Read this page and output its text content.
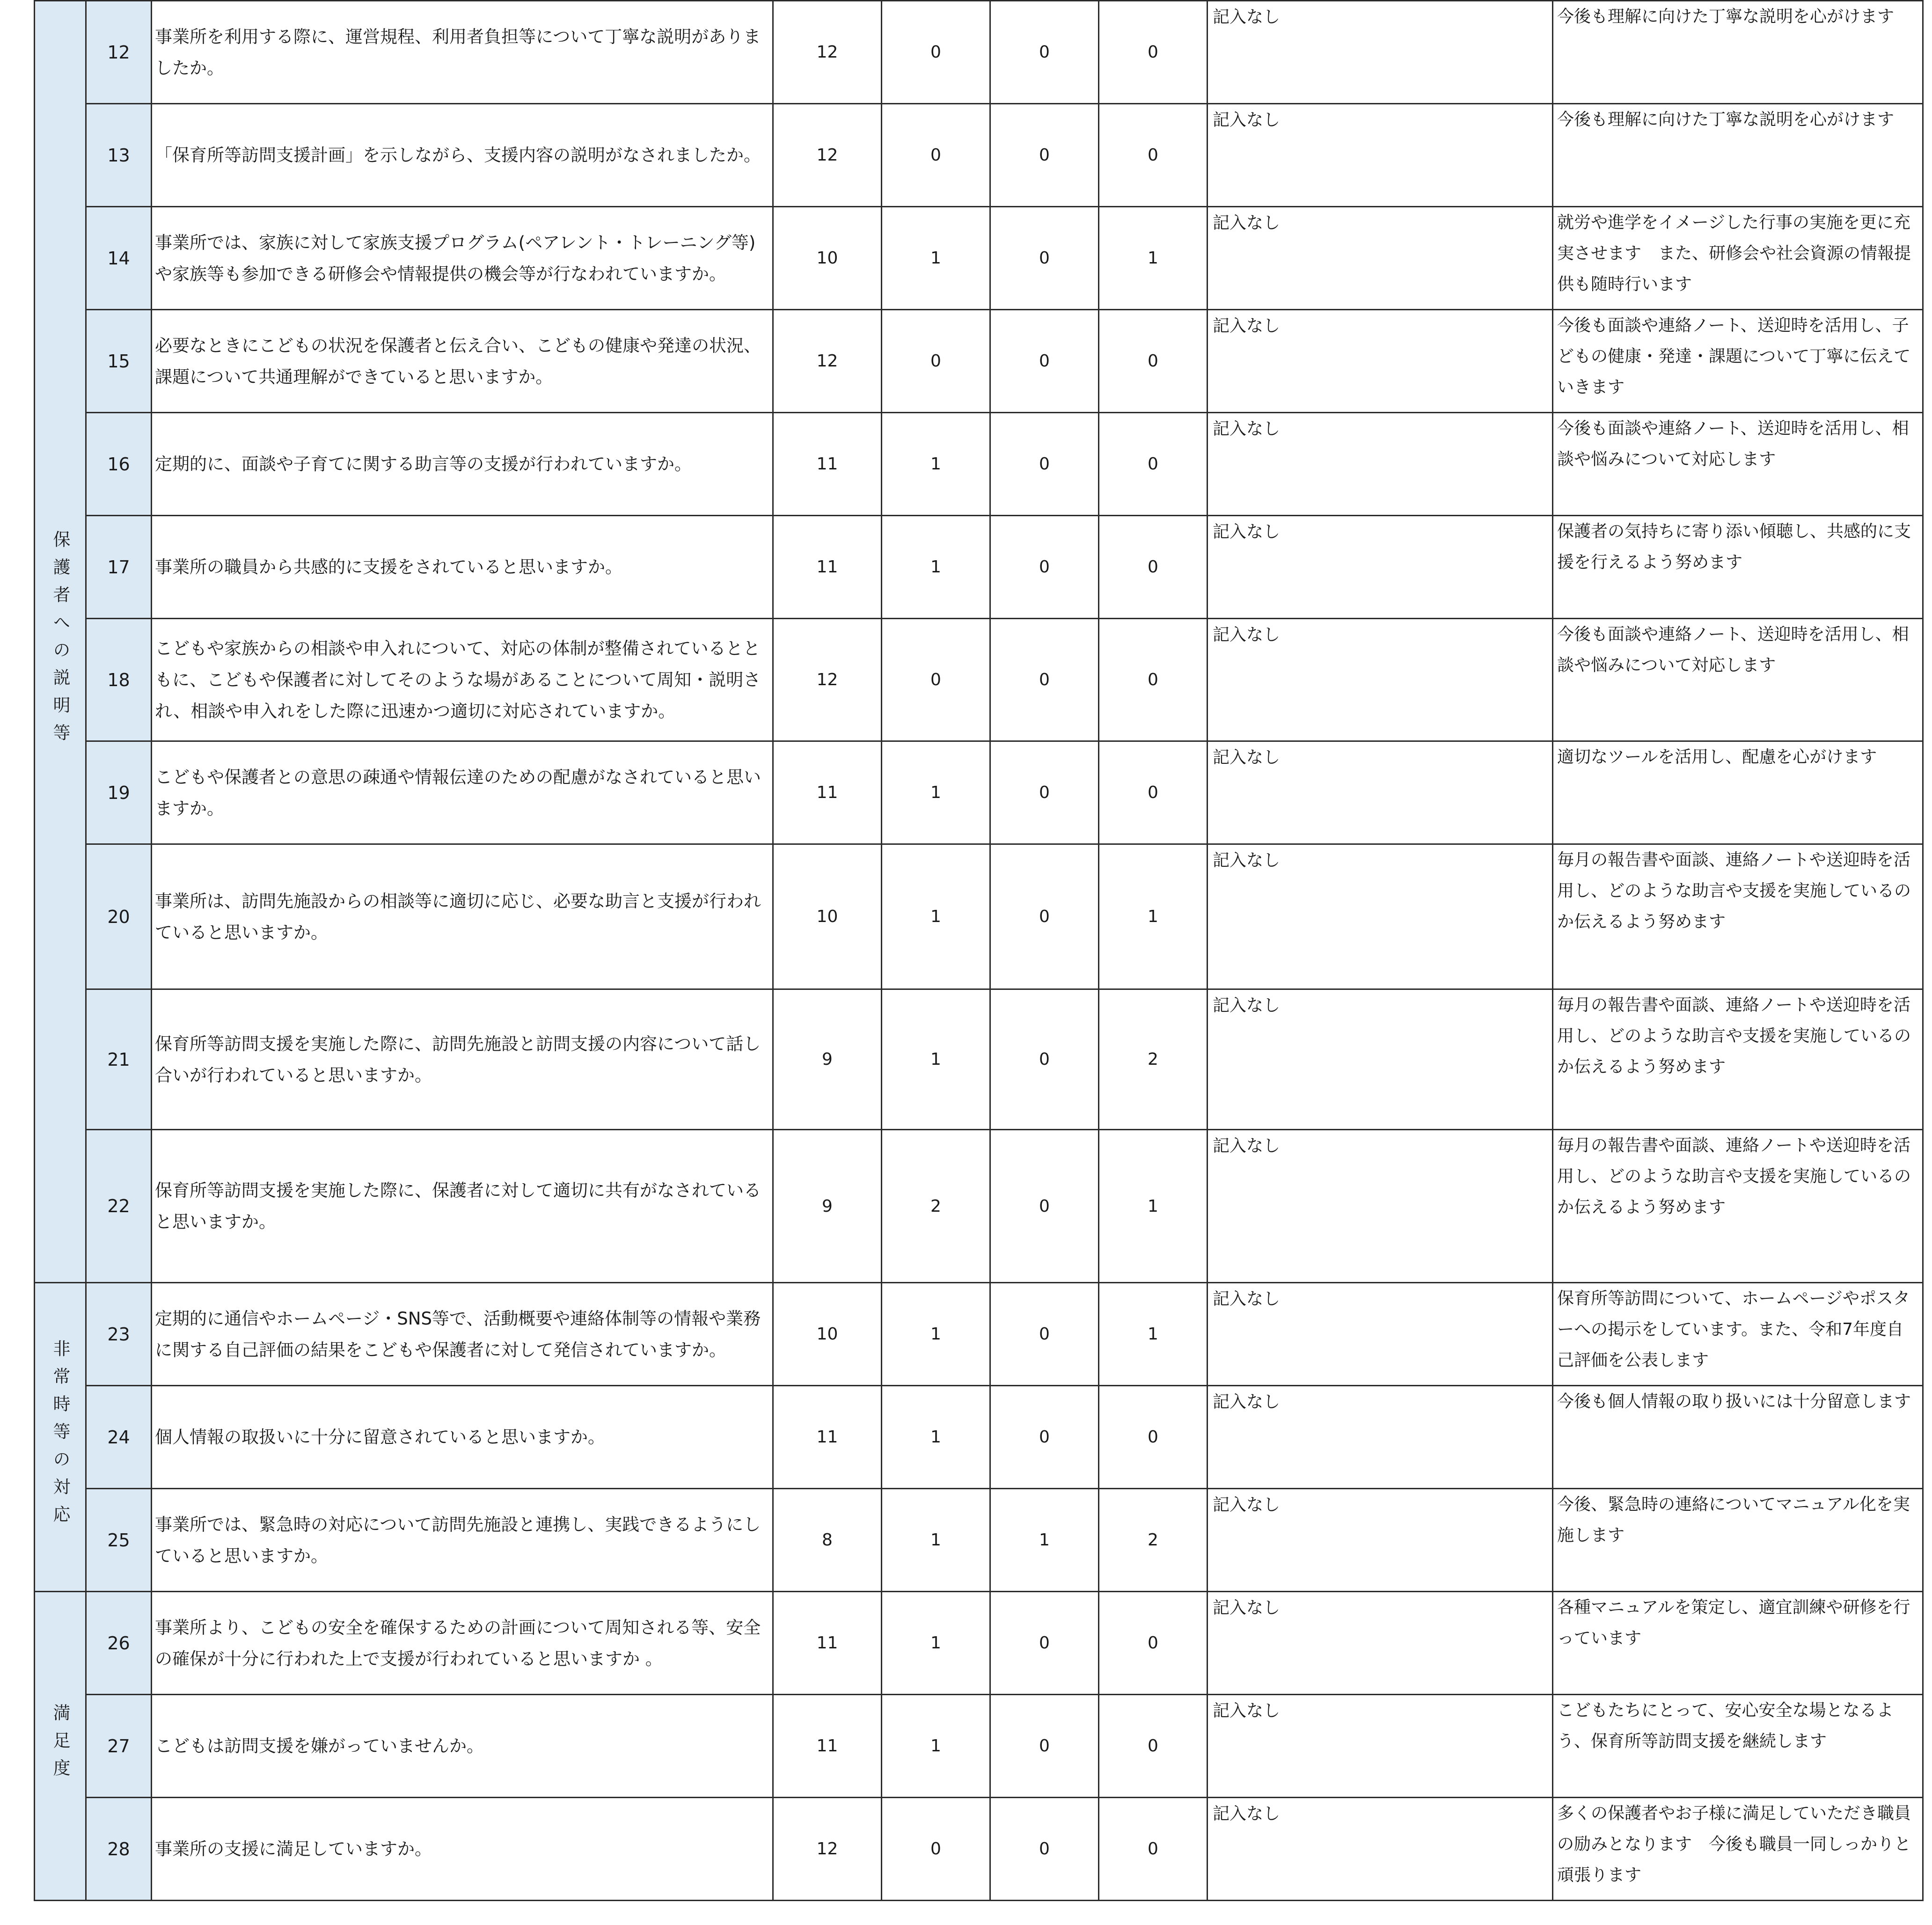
保護者への説明等	12	事業所を利用する際に、運営規程、利用者負担等について丁寧な説明がありましたか。	12	0	0	0	記入なし	今後も理解に向けた丁寧な説明を心がけます
	13	「保育所等訪問支援計画」を示しながら、支援内容の説明がなされましたか。	12	0	0	0	記入なし	今後も理解に向けた丁寧な説明を心がけます
	14	事業所では、家族に対して家族支援プログラム(ペアレント・トレーニング等)や家族等も参加できる研修会や情報提供の機会等が行なわれていますか。	10	1	0	1	記入なし	就労や進学をイメージした行事の実施を更に充実させます　また、研修会や社会資源の情報提供も随時行います
	15	必要なときにこどもの状況を保護者と伝え合い、こどもの健康や発達の状況、課題について共通理解ができていると思いますか。	12	0	0	0	記入なし	今後も面談や連絡ノート、送迎時を活用し、子どもの健康・発達・課題について丁寧に伝えていきます
	16	定期的に、面談や子育てに関する助言等の支援が行われていますか。	11	1	0	0	記入なし	今後も面談や連絡ノート、送迎時を活用し、相談や悩みについて対応します
	17	事業所の職員から共感的に支援をされていると思いますか。	11	1	0	0	記入なし	保護者の気持ちに寄り添い傾聴し、共感的に支援を行えるよう努めます
	18	こどもや家族からの相談や申入れについて、対応の体制が整備されているとともに、こどもや保護者に対してそのような場があることについて周知・説明され、相談や申入れをした際に迅速かつ適切に対応されていますか。	12	0	0	0	記入なし	今後も面談や連絡ノート、送迎時を活用し、相談や悩みについて対応します
	19	こどもや保護者との意思の疎通や情報伝達のための配慮がなされていると思いますか。	11	1	0	0	記入なし	適切なツールを活用し、配慮を心がけます
	20	事業所は、訪問先施設からの相談等に適切に応じ、必要な助言と支援が行われていると思いますか。	10	1	0	1	記入なし	毎月の報告書や面談、連絡ノートや送迎時を活用し、どのような助言や支援を実施しているのか伝えるよう努めます
	21	保育所等訪問支援を実施した際に、訪問先施設と訪問支援の内容について話し合いが行われていると思いますか。	9	1	0	2	記入なし	毎月の報告書や面談、連絡ノートや送迎時を活用し、どのような助言や支援を実施しているのか伝えるよう努めます
	22	保育所等訪問支援を実施した際に、保護者に対して適切に共有がなされていると思いますか。	9	2	0	1	記入なし	毎月の報告書や面談、連絡ノートや送迎時を活用し、どのような助言や支援を実施しているのか伝えるよう努めます
非常時等の対応	23	定期的に通信やホームページ・SNS等で、活動概要や連絡体制等の情報や業務に関する自己評価の結果をこどもや保護者に対して発信されていますか。	10	1	0	1	記入なし	保育所等訪問について、ホームページやポスターへの掲示をしています。また、令和7年度自己評価を公表します
	24	個人情報の取扱いに十分に留意されていると思いますか。	11	1	0	0	記入なし	今後も個人情報の取り扱いには十分留意します
	25	事業所では、緊急時の対応について訪問先施設と連携し、実践できるようにしていると思いますか。	8	1	1	2	記入なし	今後、緊急時の連絡についてマニュアル化を実施します
満足度	26	事業所より、こどもの安全を確保するための計画について周知される等、安全の確保が十分に行われた上で支援が行われていると思いますか 。	11	1	0	0	記入なし	各種マニュアルを策定し、適宜訓練や研修を行っています
	27	こどもは訪問支援を嫌がっていませんか。	11	1	0	0	記入なし	こどもたちにとって、安心安全な場となるよう、保育所等訪問支援を継続します
	28	事業所の支援に満足していますか。	12	0	0	0	記入なし	多くの保護者やお子様に満足していただき職員の励みとなります　今後も職員一同しっかりと頑張ります
